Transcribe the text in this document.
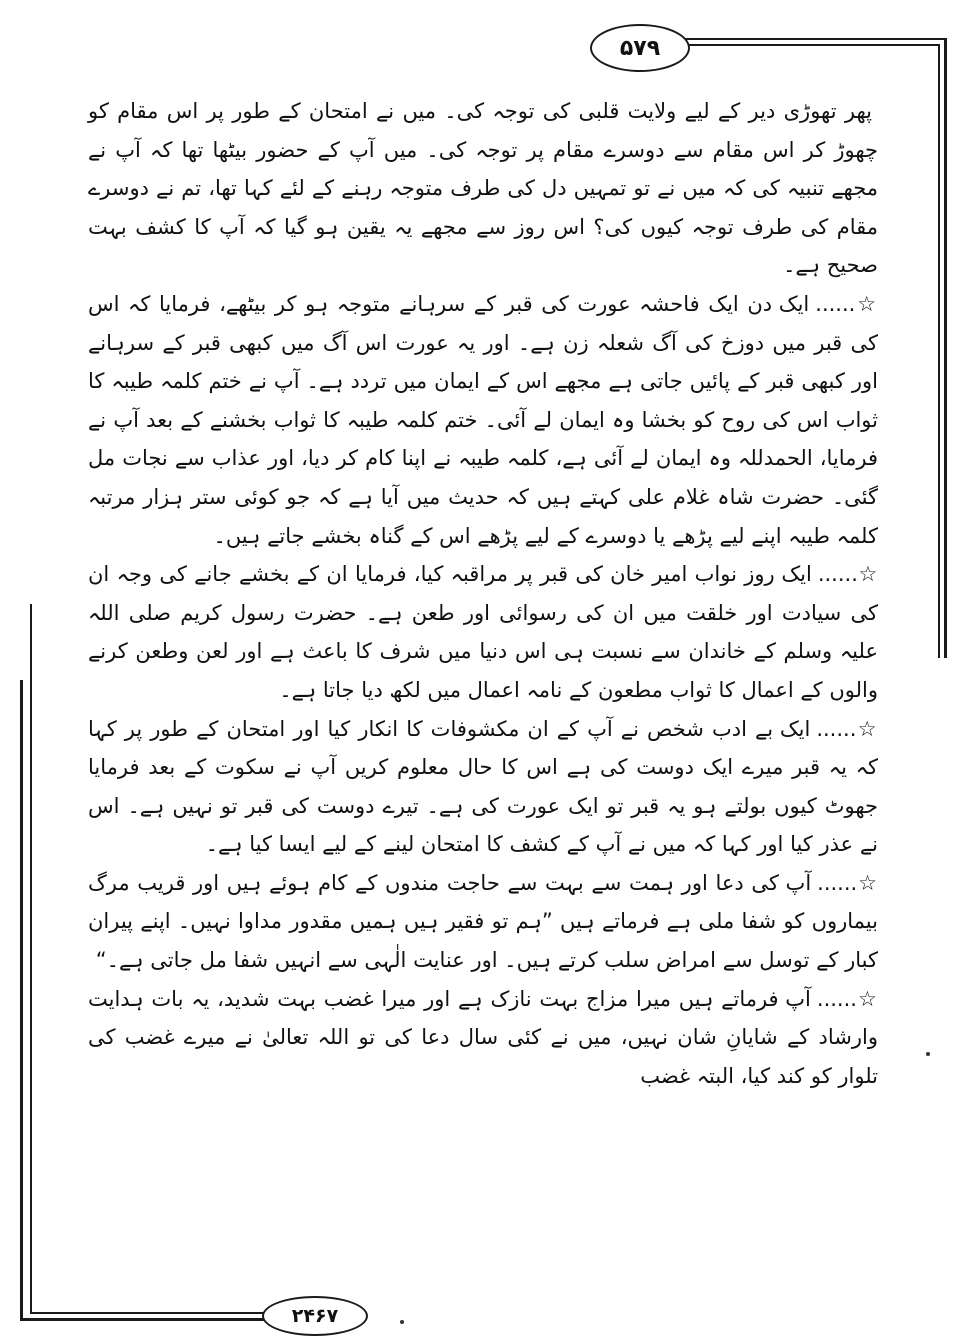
۵۷۹
۲۴۶۷

پھر تھوڑی دیر کے لیے ولایت قلبی کی توجہ کی۔ میں نے امتحان کے طور پر اس مقام کو چھوڑ کر اس مقام سے دوسرے مقام پر توجہ کی۔ میں آپ کے حضور بیٹھا تھا کہ آپ نے مجھے تنبیہ کی کہ میں نے تو تمہیں دل کی طرف متوجہ رہنے کے لئے کہا تھا، تم نے دوسرے مقام کی طرف توجہ کیوں کی؟ اس روز سے مجھے یہ یقین ہو گیا کہ آپ کا کشف بہت صحیح ہے۔

☆......ایک دن ایک فاحشہ عورت کی قبر کے سرہانے متوجہ ہو کر بیٹھے، فرمایا کہ اس کی قبر میں دوزخ کی آگ شعلہ زن ہے۔ اور یہ عورت اس آگ میں کبھی قبر کے سرہانے اور کبھی قبر کے پائیں جاتی ہے مجھے اس کے ایمان میں تردد ہے۔ آپ نے ختم کلمہ طیبہ کا ثواب اس کی روح کو بخشا وہ ایمان لے آئی۔ ختم کلمہ طیبہ کا ثواب بخشنے کے بعد آپ نے فرمایا، الحمدللہ وہ ایمان لے آئی ہے، کلمہ طیبہ نے اپنا کام کر دیا، اور عذاب سے نجات مل گئی۔ حضرت شاہ غلام علی کہتے ہیں کہ حدیث میں آیا ہے کہ جو کوئی ستر ہزار مرتبہ کلمہ طیبہ اپنے لیے پڑھے یا دوسرے کے لیے پڑھے اس کے گناہ بخشے جاتے ہیں۔

☆......ایک روز نواب امیر خان کی قبر پر مراقبہ کیا، فرمایا ان کے بخشے جانے کی وجہ ان کی سیادت اور خلقت میں ان کی رسوائی اور طعن ہے۔ حضرت رسول کریم صلی اللہ علیہ وسلم کے خاندان سے نسبت ہی اس دنیا میں شرف کا باعث ہے اور لعن وطعن کرنے والوں کے اعمال کا ثواب مطعون کے نامہ اعمال میں لکھ دیا جاتا ہے۔

☆......ایک بے ادب شخص نے آپ کے ان مکشوفات کا انکار کیا اور امتحان کے طور پر کہا کہ یہ قبر میرے ایک دوست کی ہے اس کا حال معلوم کریں آپ نے سکوت کے بعد فرمایا جھوٹ کیوں بولتے ہو یہ قبر تو ایک عورت کی ہے۔ تیرے دوست کی قبر تو نہیں ہے۔ اس نے عذر کیا اور کہا کہ میں نے آپ کے کشف کا امتحان لینے کے لیے ایسا کیا ہے۔

☆......آپ کی دعا اور ہمت سے بہت سے حاجت مندوں کے کام ہوئے ہیں اور قریب مرگ بیماروں کو شفا ملی ہے فرماتے ہیں ”ہم تو فقیر ہیں ہمیں مقدور مداوا نہیں۔ اپنے پیران کبار کے توسل سے امراض سلب کرتے ہیں۔ اور عنایت الٰہی سے انہیں شفا مل جاتی ہے۔“

☆......آپ فرماتے ہیں میرا مزاج بہت نازک ہے اور میرا غضب بہت شدید، یہ بات ہدایت وارشاد کے شایانِ شان نہیں، میں نے کئی سال دعا کی تو اللہ تعالیٰ نے میرے غضب کی تلوار کو کند کیا، البتہ غضب
